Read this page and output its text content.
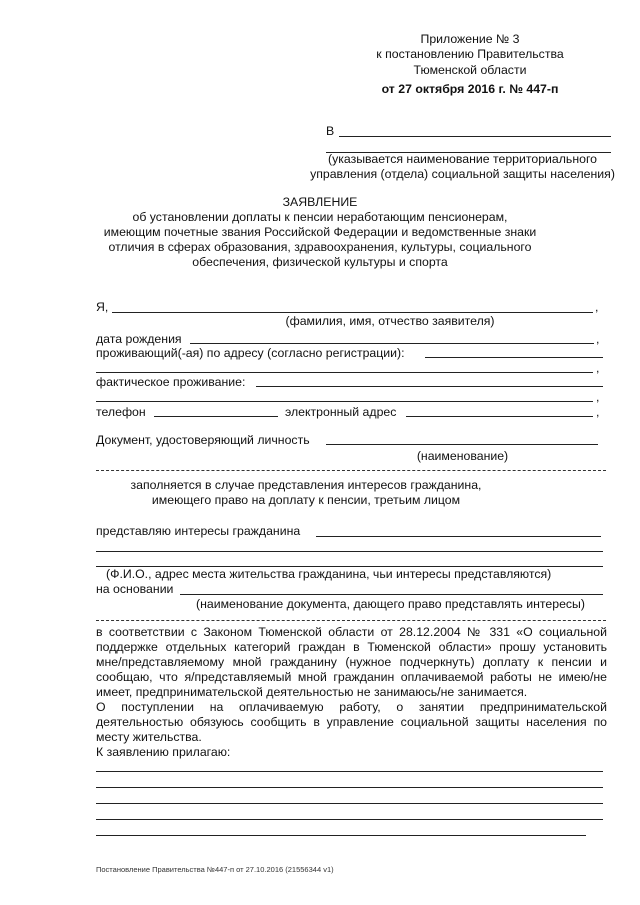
Приложение № 3
к постановлению Правительства
Тюменской области
от 27 октября 2016 г. № 447-п
В
(указывается наименование территориального
управления (отдела) социальной защиты населения)
ЗАЯВЛЕНИЕ
об установлении доплаты к пенсии неработающим пенсионерам,
имеющим почетные звания Российской Федерации и ведомственные знаки
отличия в сферах образования, здравоохранения, культуры, социального
обеспечения, физической культуры и спорта
Я,	,
(фамилия, имя, отчество заявителя)
дата рождения	,
проживающий(-ая) по адресу (согласно регистрации):
,
фактическое проживание:
,
телефон	электронный адрес	,
Документ, удостоверяющий личность
(наименование)
заполняется в случае представления интересов гражданина,
имеющего право на доплату к пенсии, третьим лицом
представляю интересы гражданина
(Ф.И.О., адрес места жительства гражданина, чьи интересы представляются)
на основании
(наименование документа, дающего право представлять интересы)
в соответствии с Законом Тюменской области от 28.12.2004 № 331 «О социальной
поддержке отдельных категорий граждан в Тюменской области» прошу установить
мне/представляемому мной гражданину (нужное подчеркнуть) доплату к пенсии и
сообщаю, что я/представляемый мной гражданин оплачиваемой работы не имею/не
имеет, предпринимательской деятельностью не занимаюсь/не занимается.
О поступлении на оплачиваемую работу, о занятии предпринимательской
деятельностью обязуюсь сообщить в управление социальной защиты населения по
месту жительства.
К заявлению прилагаю:
Постановление Правительства №447-п от 27.10.2016 (21556344 v1)
